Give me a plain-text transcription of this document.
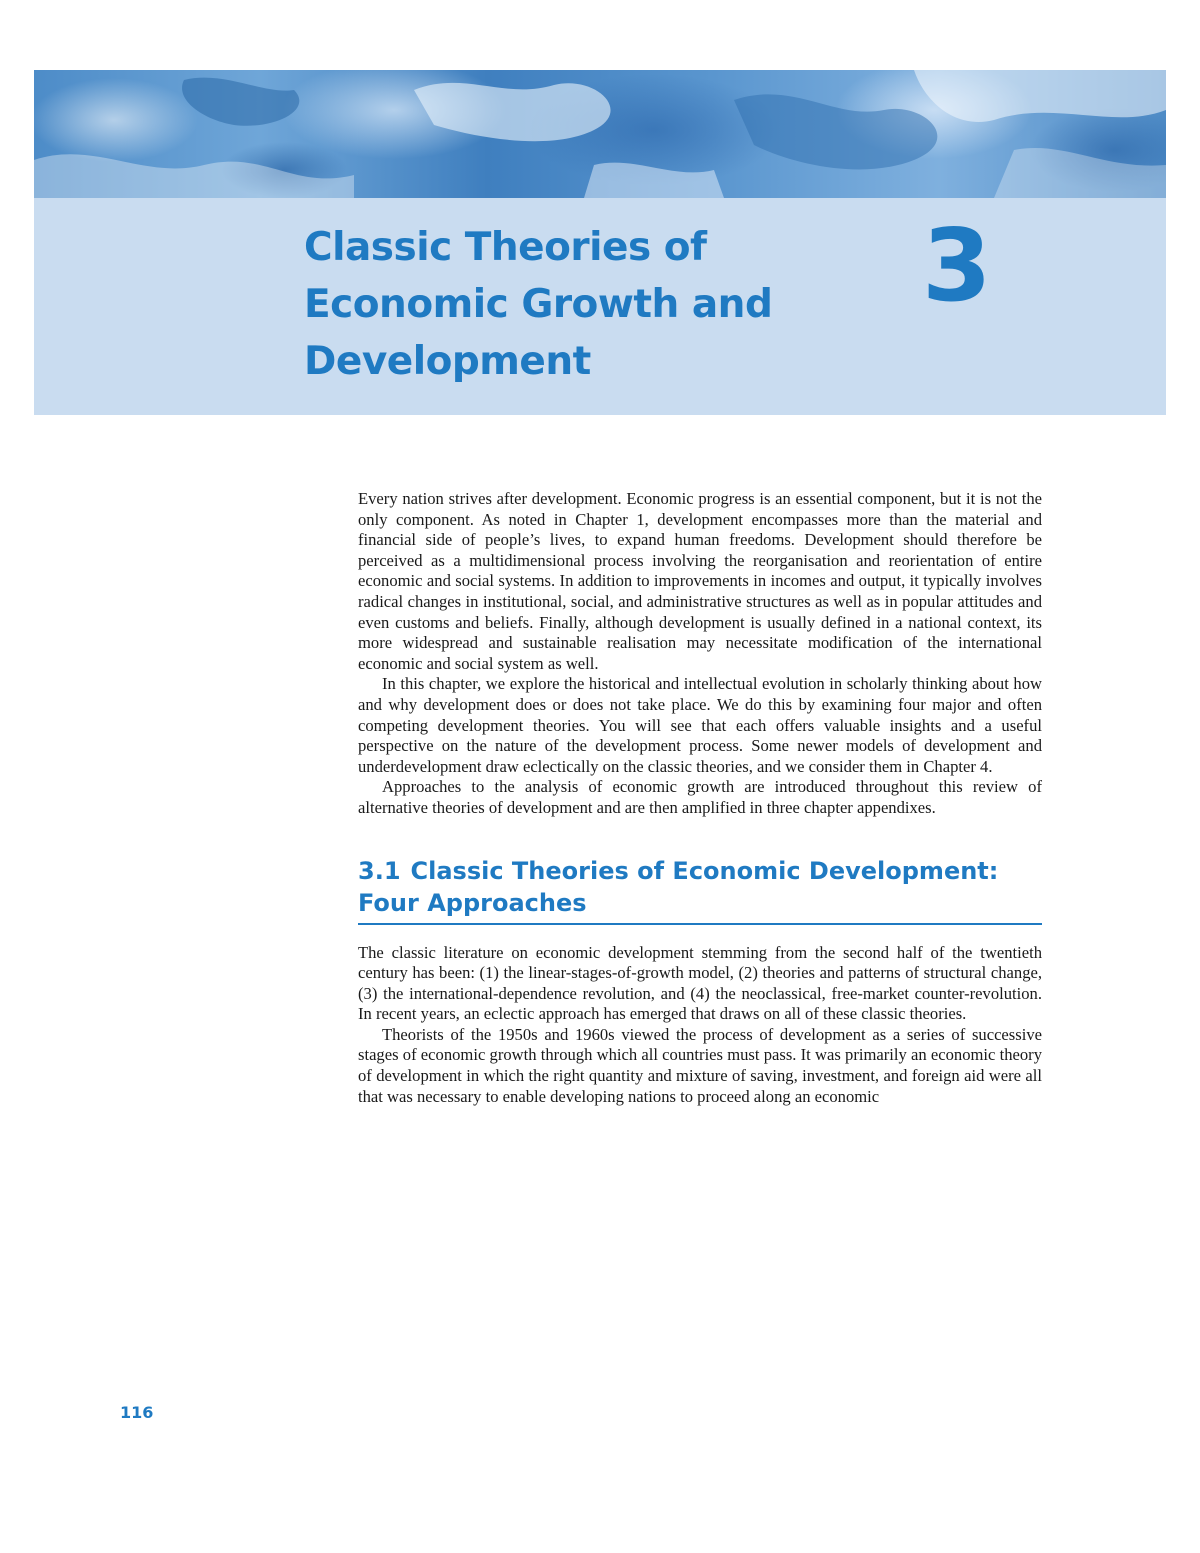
Classic Theories of
Economic Growth and
Development
3

Every nation strives after development. Economic progress is an essential component, but it is not the only component. As noted in Chapter 1, development encompasses more than the material and financial side of people’s lives, to expand human freedoms. Development should therefore be perceived as a multidimensional process involving the reorganisation and reorientation of entire economic and social systems. In addition to improvements in incomes and output, it typically involves radical changes in institutional, social, and administrative structures as well as in popular attitudes and even customs and beliefs. Finally, although development is usually defined in a national context, its more widespread and sustainable realisation may necessitate modification of the international economic and social system as well.

In this chapter, we explore the historical and intellectual evolution in scholarly thinking about how and why development does or does not take place. We do this by examining four major and often competing development theories. You will see that each offers valuable insights and a useful perspective on the nature of the development process. Some newer models of development and underdevelopment draw eclectically on the classic theories, and we consider them in Chapter 4.

Approaches to the analysis of economic growth are introduced throughout this review of alternative theories of development and are then amplified in three chapter appendixes.

3.1 Classic Theories of Economic Development: Four Approaches

The classic literature on economic development stemming from the second half of the twentieth century has been: (1) the linear-stages-of-growth model, (2) theories and patterns of structural change, (3) the international-dependence revolution, and (4) the neoclassical, free-market counter-revolution. In recent years, an eclectic approach has emerged that draws on all of these classic theories.

Theorists of the 1950s and 1960s viewed the process of development as a series of successive stages of economic growth through which all countries must pass. It was primarily an economic theory of development in which the right quantity and mixture of saving, investment, and foreign aid were all that was necessary to enable developing nations to proceed along an economic

116
